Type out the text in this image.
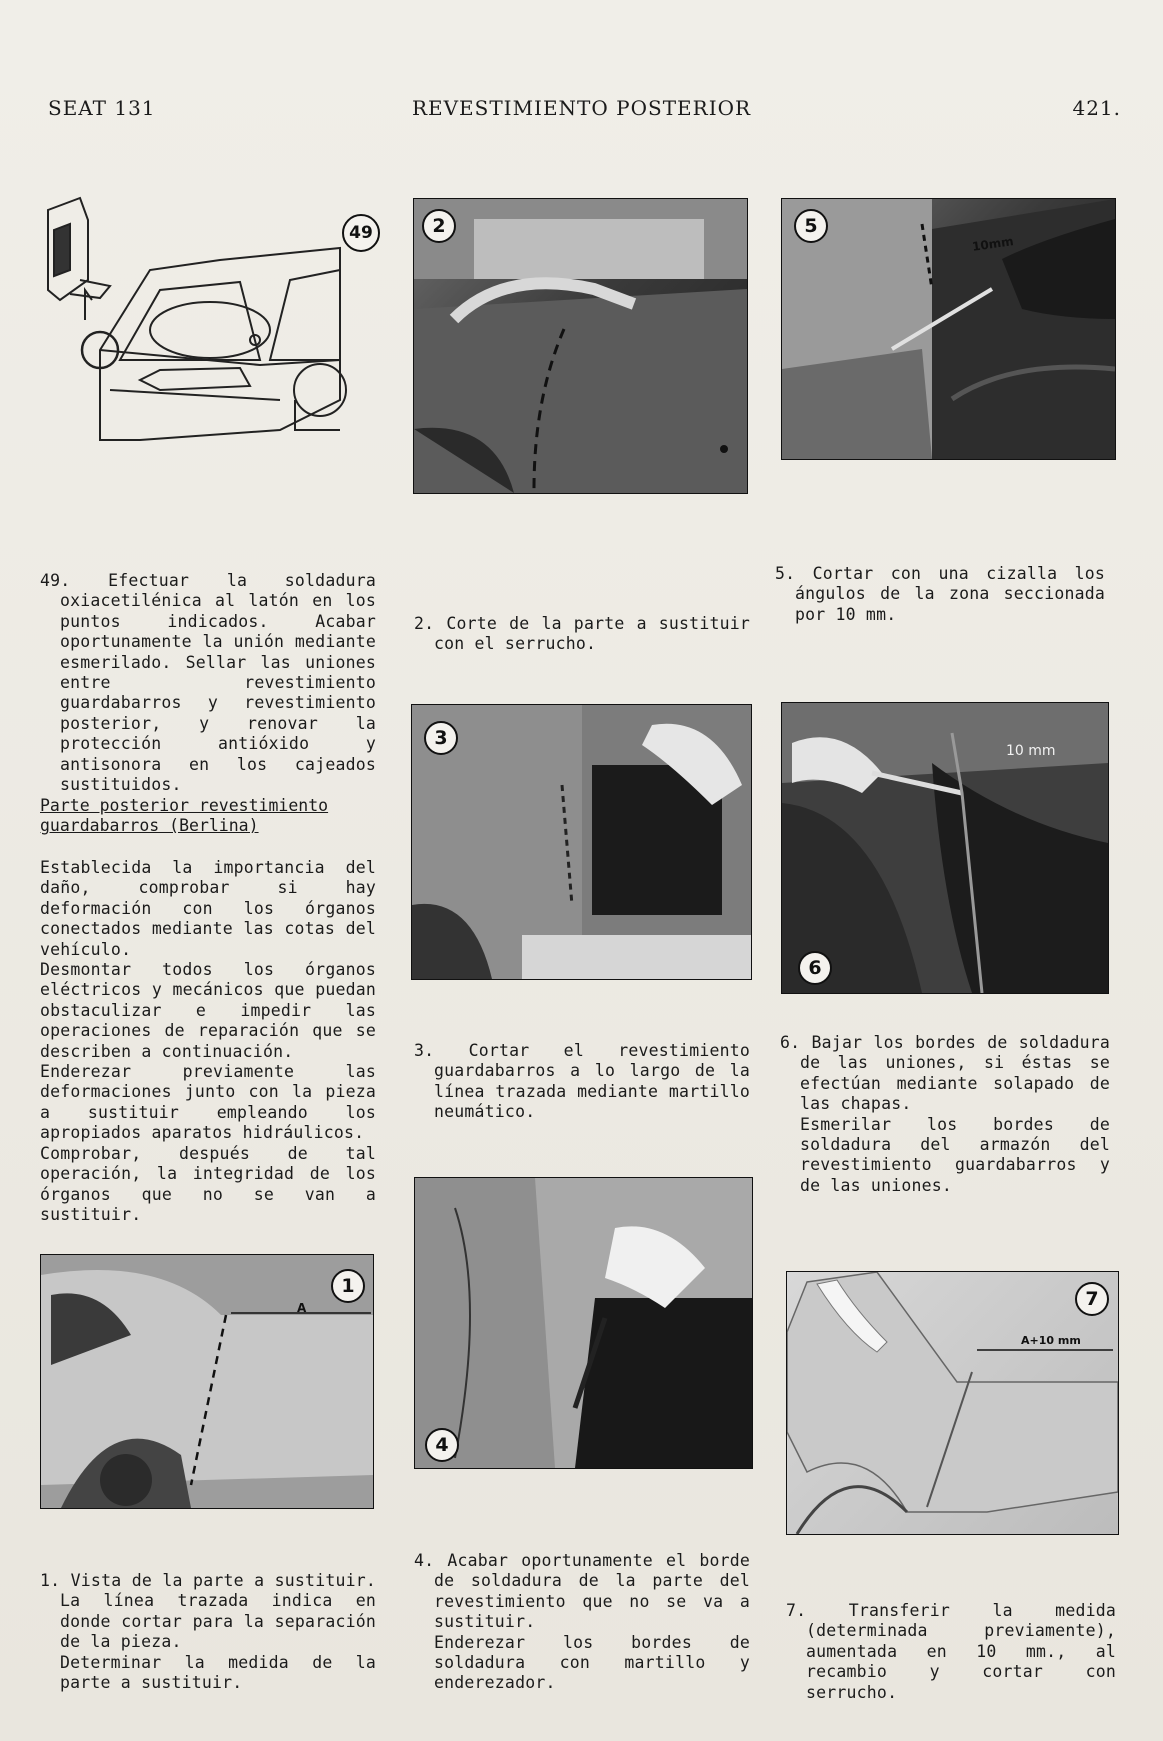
SEAT 131	REVESTIMIENTO POSTERIOR	421.
49	2	5
10mm
3
6
10 mm
1
A
4
7
A+10 mm

49. Efectuar la soldadura oxiacetilénica al latón en los puntos indicados. Acabar oportunamente la unión mediante esmerilado. Sellar las uniones entre revestimiento guardabarros y revestimiento posterior, y renovar la protección antióxido y antisonora en los cajeados sustituidos.

Parte posterior revestimiento
guardabarros (Berlina)

Establecida la importancia del daño, comprobar si hay deformación con los órganos conectados mediante las cotas del vehículo.

Desmontar todos los órganos eléctricos y mecánicos que puedan obstaculizar e impedir las operaciones de reparación que se describen a continuación.

Enderezar previamente las deformaciones junto con la pieza a sustituir empleando los apropiados aparatos hidráulicos.

Comprobar, después de tal operación, la integridad de los órganos que no se van a sustituir.

1. Vista de la parte a sustituir. La línea trazada indica en donde cortar para la separación de la pieza.

Determinar la medida de la parte a sustituir.

2. Corte de la parte a sustituir con el serrucho.

3. Cortar el revestimiento guardabarros a lo largo de la línea trazada mediante martillo neumático.

4. Acabar oportunamente el borde de soldadura de la parte del revestimiento que no se va a sustituir.

Enderezar los bordes de soldadura con martillo y enderezador.

5. Cortar con una cizalla los ángulos de la zona seccionada por 10 mm.

6. Bajar los bordes de soldadura de las uniones, si éstas se efectúan mediante solapado de las chapas.

Esmerilar los bordes de soldadura del armazón del revestimiento guardabarros y de las uniones.

7. Transferir la medida (determinada previamente), aumentada en 10 mm., al recambio y cortar con serrucho.
